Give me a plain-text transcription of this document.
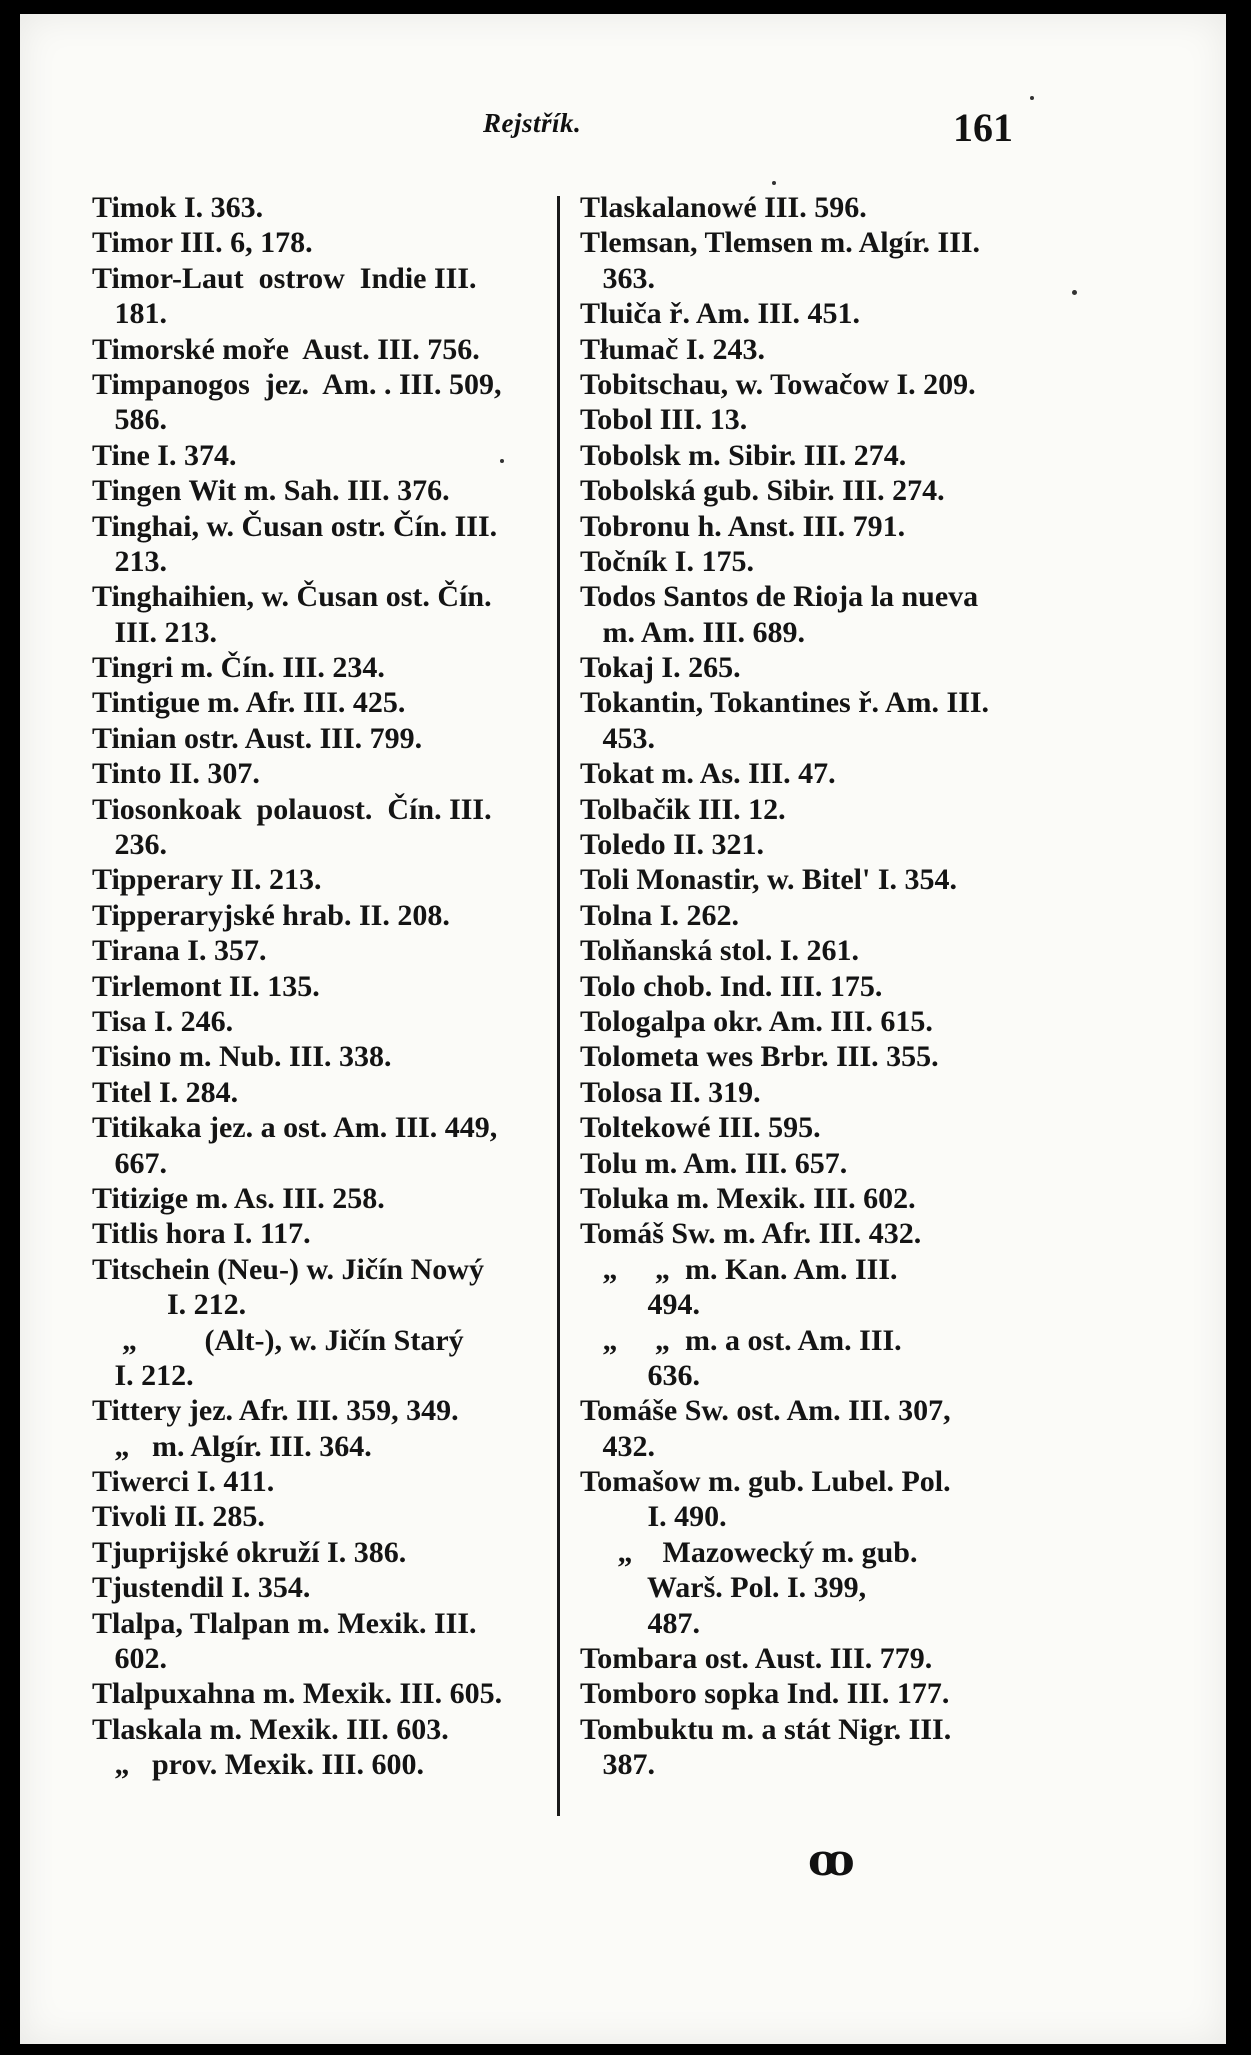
Rejstřík.	161
Timok I. 363.
Timor III. 6, 178.
Timor-Laut  ostrow  Indie III.
181.
Timorské moře  Aust. III. 756.
Timpanogos  jez.  Am. . III. 509,
586.
Tine I. 374.
Tingen Wit m. Sah. III. 376.
Tinghai, w. Čusan ostr. Čín. III.
213.
Tinghaihien, w. Čusan ost. Čín.
III. 213.
Tingri m. Čín. III. 234.
Tintigue m. Afr. III. 425.
Tinian ostr. Aust. III. 799.
Tinto II. 307.
Tiosonkoak  polauost.  Čín. III.
236.
Tipperary II. 213.
Tipperaryjské hrab. II. 208.
Tirana I. 357.
Tirlemont II. 135.
Tisa I. 246.
Tisino m. Nub. III. 338.
Titel I. 284.
Titikaka jez. a ost. Am. III. 449,
667.
Titizige m. As. III. 258.
Titlis hora I. 117.
Titschein (Neu-) w. Jičín Nowý
I. 212.
„         (Alt-), w. Jičín Starý
I. 212.
Tittery jez. Afr. III. 359, 349.
„   m. Algír. III. 364.
Tiwerci I. 411.
Tivoli II. 285.
Tjuprijské okruží I. 386.
Tjustendil I. 354.
Tlalpa, Tlalpan m. Mexik. III.
602.
Tlalpuxahna m. Mexik. III. 605.
Tlaskala m. Mexik. III. 603.
„   prov. Mexik. III. 600.
Tlaskalanowé III. 596.
Tlemsan, Tlemsen m. Algír. III.
363.
Tluiča ř. Am. III. 451.
Tłumač I. 243.
Tobitschau, w. Towačow I. 209.
Tobol III. 13.
Tobolsk m. Sibir. III. 274.
Tobolská gub. Sibir. III. 274.
Tobronu h. Anst. III. 791.
Točník I. 175.
Todos Santos de Rioja la nueva
m. Am. III. 689.
Tokaj I. 265.
Tokantin, Tokantines ř. Am. III.
453.
Tokat m. As. III. 47.
Tolbačik III. 12.
Toledo II. 321.
Toli Monastir, w. Bitel' I. 354.
Tolna I. 262.
Tolňanská stol. I. 261.
Tolo chob. Ind. III. 175.
Tologalpa okr. Am. III. 615.
Tolometa wes Brbr. III. 355.
Tolosa II. 319.
Toltekowé III. 595.
Tolu m. Am. III. 657.
Toluka m. Mexik. III. 602.
Tomáš Sw. m. Afr. III. 432.
„     „  m. Kan. Am. III.
494.
„     „  m. a ost. Am. III.
636.
Tomáše Sw. ost. Am. III. 307,
432.
Tomašow m. gub. Lubel. Pol.
I. 490.
„    Mazowecký m. gub.
Warš. Pol. I. 399,
487.
Tombara ost. Aust. III. 779.
Tomboro sopka Ind. III. 177.
Tombuktu m. a stát Nigr. III.
387.
ꝏ
